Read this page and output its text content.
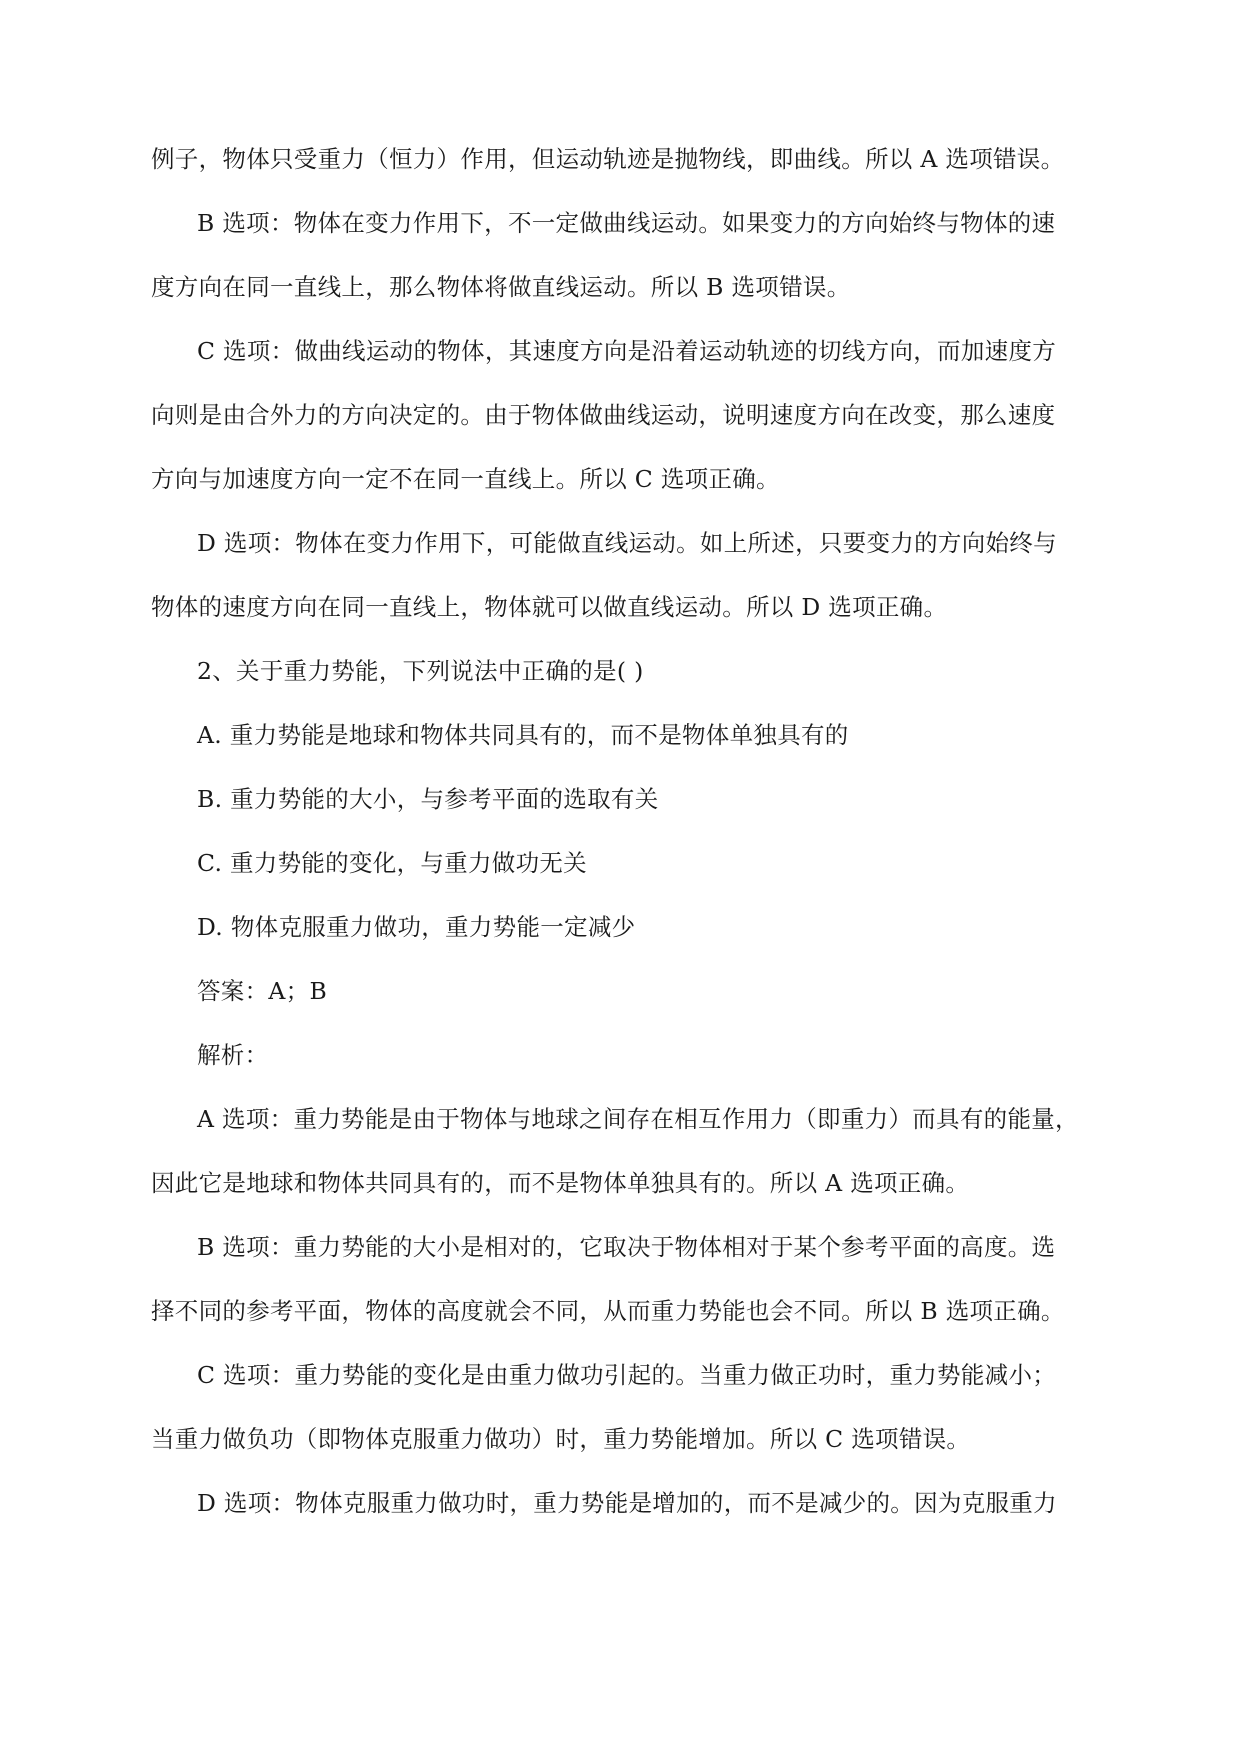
例子，物体只受重力（恒力）作用，但运动轨迹是抛物线，即曲线。所以 A 选项错误。
B 选项：物体在变力作用下，不一定做曲线运动。如果变力的方向始终与物体的速
度方向在同一直线上，那么物体将做直线运动。所以 B 选项错误。
C 选项：做曲线运动的物体，其速度方向是沿着运动轨迹的切线方向，而加速度方
向则是由合外力的方向决定的。由于物体做曲线运动，说明速度方向在改变，那么速度
方向与加速度方向一定不在同一直线上。所以 C 选项正确。
D 选项：物体在变力作用下，可能做直线运动。如上所述，只要变力的方向始终与
物体的速度方向在同一直线上，物体就可以做直线运动。所以 D 选项正确。
2、关于重力势能，下列说法中正确的是( )
A. 重力势能是地球和物体共同具有的，而不是物体单独具有的
B. 重力势能的大小，与参考平面的选取有关
C. 重力势能的变化，与重力做功无关
D. 物体克服重力做功，重力势能一定减少
答案：A；B
解析：
A 选项：重力势能是由于物体与地球之间存在相互作用力（即重力）而具有的能量，
因此它是地球和物体共同具有的，而不是物体单独具有的。所以 A 选项正确。
B 选项：重力势能的大小是相对的，它取决于物体相对于某个参考平面的高度。选
择不同的参考平面，物体的高度就会不同，从而重力势能也会不同。所以 B 选项正确。
C 选项：重力势能的变化是由重力做功引起的。当重力做正功时，重力势能减小；
当重力做负功（即物体克服重力做功）时，重力势能增加。所以 C 选项错误。
D 选项：物体克服重力做功时，重力势能是增加的，而不是减少的。因为克服重力
